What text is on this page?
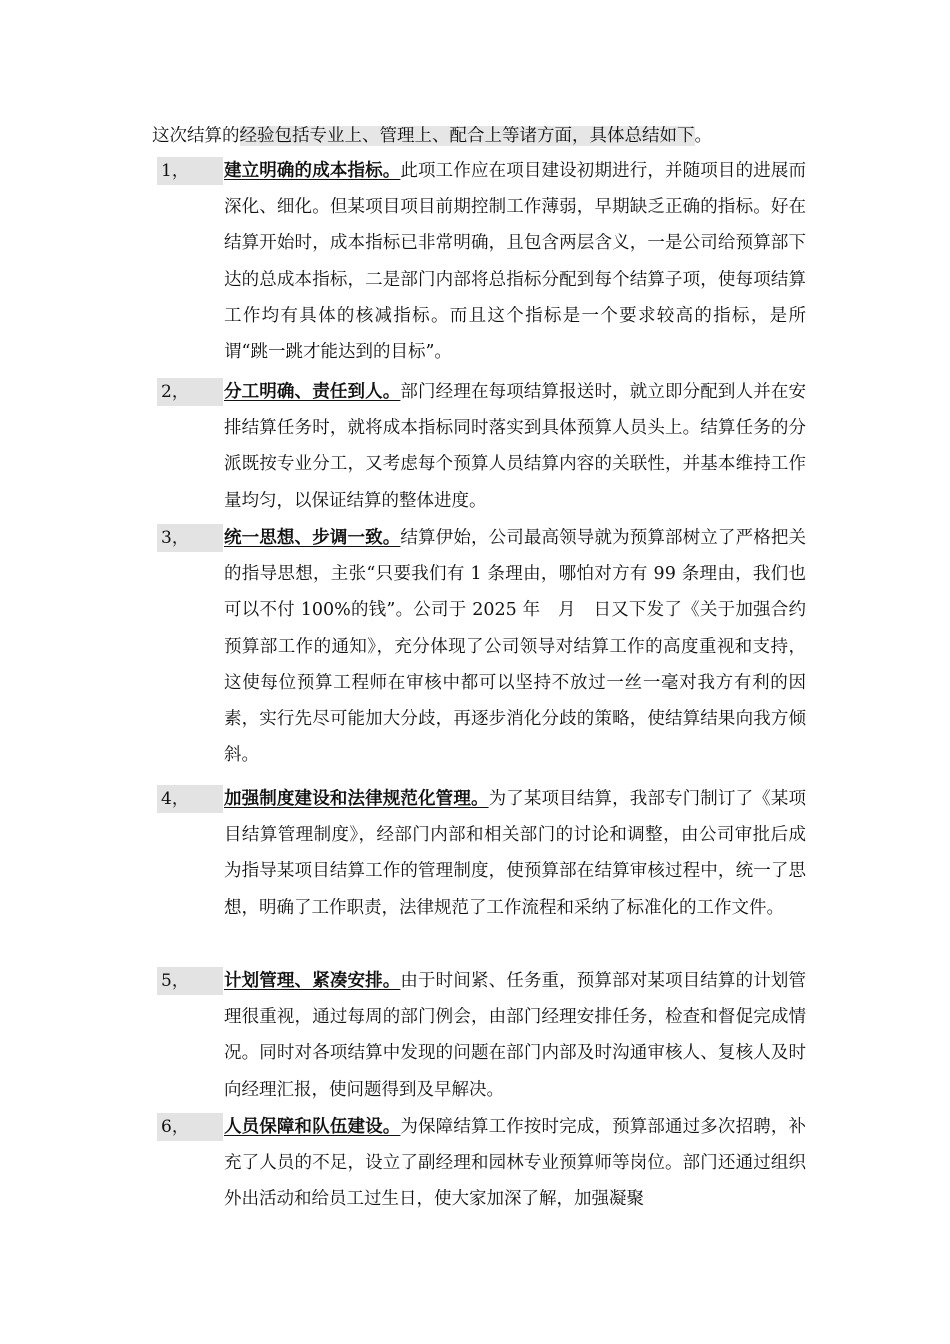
这次结算的经验包括专业上、管理上、配合上等诸方面，具体总结如下。
1，	建立明确的成本指标。此项工作应在项目建设初期进行，并随项目的进展而深化、细化。但某项目项目前期控制工作薄弱，早期缺乏正确的指标。好在结算开始时，成本指标已非常明确，且包含两层含义，一是公司给预算部下达的总成本指标，二是部门内部将总指标分配到每个结算子项，使每项结算工作均有具体的核减指标。而且这个指标是一个要求较高的指标，是所谓“跳一跳才能达到的目标”。
2，	分工明确、责任到人。部门经理在每项结算报送时，就立即分配到人并在安排结算任务时，就将成本指标同时落实到具体预算人员头上。结算任务的分派既按专业分工，又考虑每个预算人员结算内容的关联性，并基本维持工作量均匀，以保证结算的整体进度。
3，	统一思想、步调一致。结算伊始，公司最高领导就为预算部树立了严格把关的指导思想，主张“只要我们有 1 条理由，哪怕对方有 99 条理由，我们也可以不付 100%的钱”。公司于 2025 年　月　日又下发了《关于加强合约预算部工作的通知》，充分体现了公司领导对结算工作的高度重视和支持，这使每位预算工程师在审核中都可以坚持不放过一丝一毫对我方有利的因素，实行先尽可能加大分歧，再逐步消化分歧的策略，使结算结果向我方倾斜。
4，	加强制度建设和法律规范化管理。为了某项目结算，我部专门制订了《某项目结算管理制度》，经部门内部和相关部门的讨论和调整，由公司审批后成为指导某项目结算工作的管理制度，使预算部在结算审核过程中，统一了思想，明确了工作职责，法律规范了工作流程和采纳了标准化的工作文件。
5，	计划管理、紧凑安排。由于时间紧、任务重，预算部对某项目结算的计划管理很重视，通过每周的部门例会，由部门经理安排任务，检查和督促完成情况。同时对各项结算中发现的问题在部门内部及时沟通审核人、复核人及时向经理汇报，使问题得到及早解决。
6，	人员保障和队伍建设。为保障结算工作按时完成，预算部通过多次招聘，补充了人员的不足，设立了副经理和园林专业预算师等岗位。部门还通过组织外出活动和给员工过生日，使大家加深了解，加强凝聚
